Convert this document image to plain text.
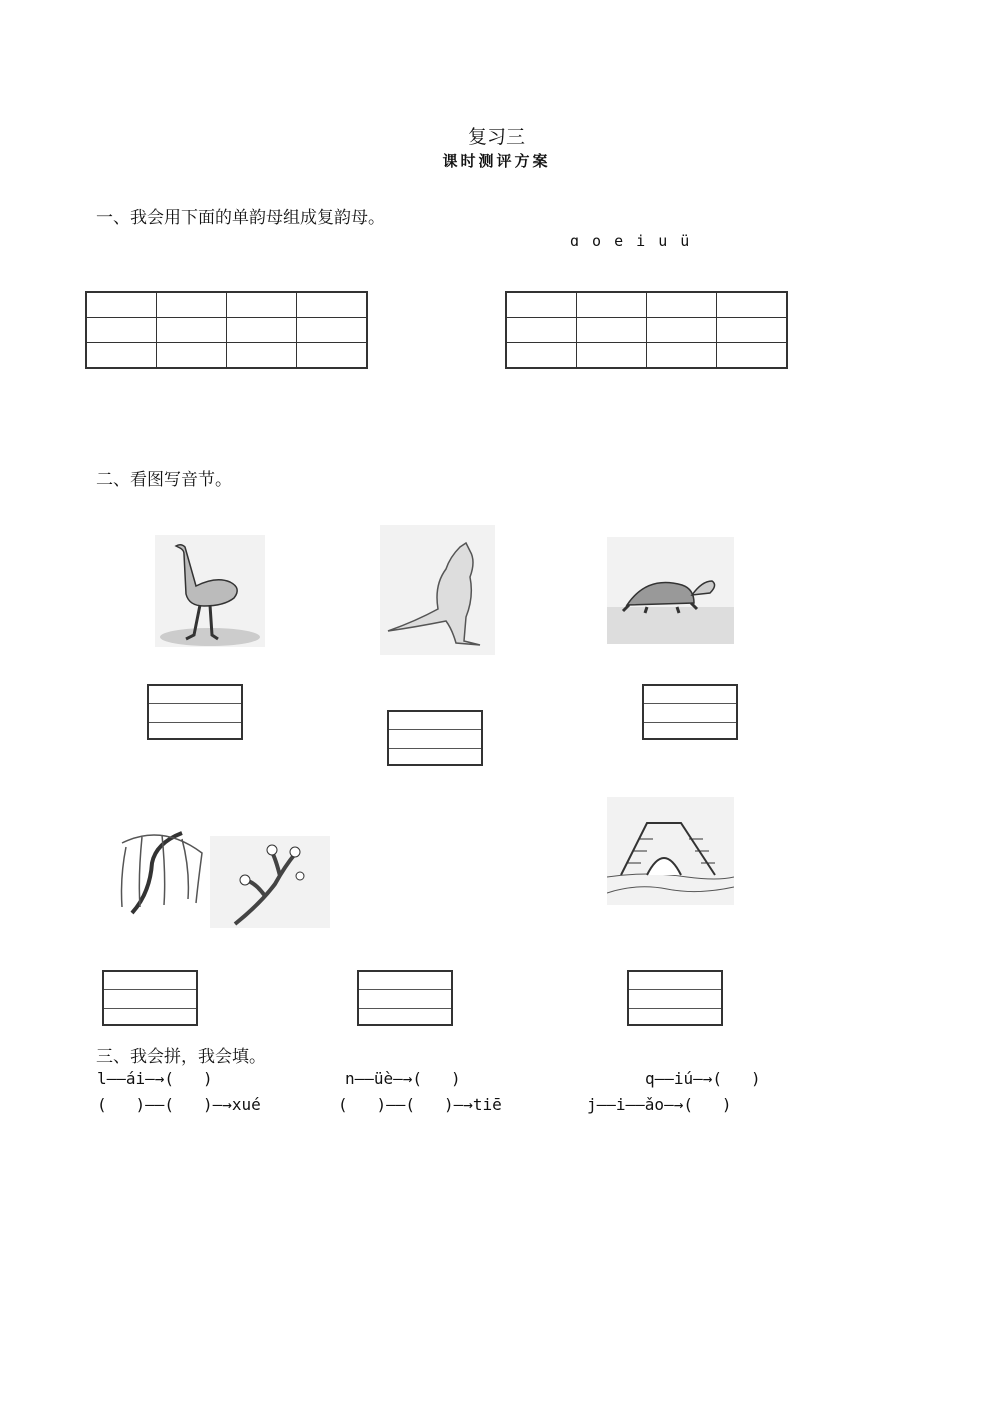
复习三
课时测评方案
一、我会用下面的单韵母组成复韵母。
ɑ o e i u ü

二、看图写音节。
三、我会拼，我会填。
l——ái—→(   )	n——üè—→(   )	q——iú—→(   )
(   )——(   )—→xué	(   )——(   )—→tiē	j——i——ǎo—→(   )
